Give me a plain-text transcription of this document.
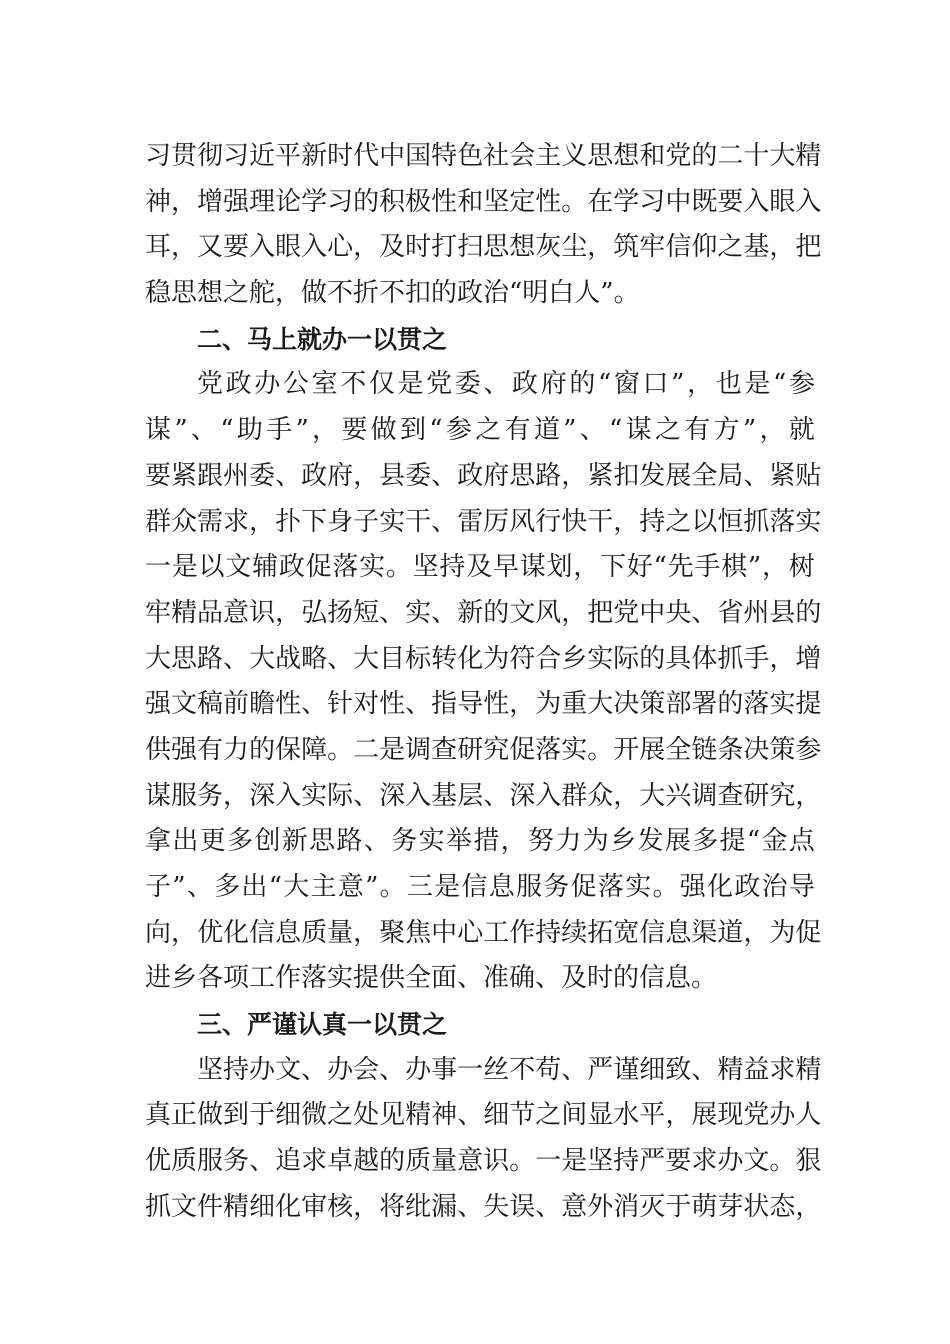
习 贯 彻 习 近 平 新 时 代 中 国 特 色 社 会 主 义 思 想 和 党 的 二 十 大 精
神 ， 增 强 理 论 学 习 的 积 极 性 和 坚 定 性 。 在 学 习 中 既 要 入 眼 入
耳 ， 又 要 入 眼 入 心 ， 及 时 打 扫 思 想 灰 尘 ， 筑 牢 信 仰 之 基 ， 把
稳思想之舵，做不折不扣的政治“明白人”。
二、马上就办一以贯之
党 政 办 公 室 不 仅 是 党 委 、 政 府 的 “ 窗 口 ” ， 也 是 “ 参
谋 ” 、 “ 助 手 ” ， 要 做 到 “ 参 之 有 道 ” 、 “ 谋 之 有 方 ” ， 就
要 紧 跟 州 委 、 政 府 ， 县 委 、 政 府 思 路 ， 紧 扣 发 展 全 局 、 紧 贴
群 众 需 求 ， 扑 下 身 子 实 干 、 雷 厉 风 行 快 干 ， 持 之 以 恒 抓 落 实
一 是 以 文 辅 政 促 落 实 。 坚 持 及 早 谋 划 ， 下 好 “ 先 手 棋 ” ， 树
牢 精 品 意 识 ， 弘 扬 短 、 实 、 新 的 文 风 ， 把 党 中 央 、 省 州 县 的
大 思 路 、 大 战 略 、 大 目 标 转 化 为 符 合 乡 实 际 的 具 体 抓 手 ， 增
强 文 稿 前 瞻 性 、 针 对 性 、 指 导 性 ， 为 重 大 决 策 部 署 的 落 实 提
供 强 有 力 的 保 障 。 二 是 调 查 研 究 促 落 实 。 开 展 全 链 条 决 策 参
谋 服 务 ， 深 入 实 际 、 深 入 基 层 、 深 入 群 众 ， 大 兴 调 查 研 究 ，
拿 出 更 多 创 新 思 路 、 务 实 举 措 ， 努 力 为 乡 发 展 多 提 “ 金 点
子 ” 、 多 出 “ 大 主 意 ” 。 三 是 信 息 服 务 促 落 实 。 强 化 政 治 导
向 ， 优 化 信 息 质 量 ， 聚 焦 中 心 工 作 持 续 拓 宽 信 息 渠 道 ， 为 促
进乡各项工作落实提供全面、准确、及时的信息。
三、严谨认真一以贯之
坚 持 办 文 、 办 会 、 办 事 一 丝 不 苟 、 严 谨 细 致 、 精 益 求 精
真 正 做 到 于 细 微 之 处 见 精 神 、 细 节 之 间 显 水 平 ， 展 现 党 办 人
优 质 服 务 、 追 求 卓 越 的 质 量 意 识 。 一 是 坚 持 严 要 求 办 文 。 狠
抓 文 件 精 细 化 审 核 ， 将 纰 漏 、 失 误 、 意 外 消 灭 于 萌 芽 状 态 ，
